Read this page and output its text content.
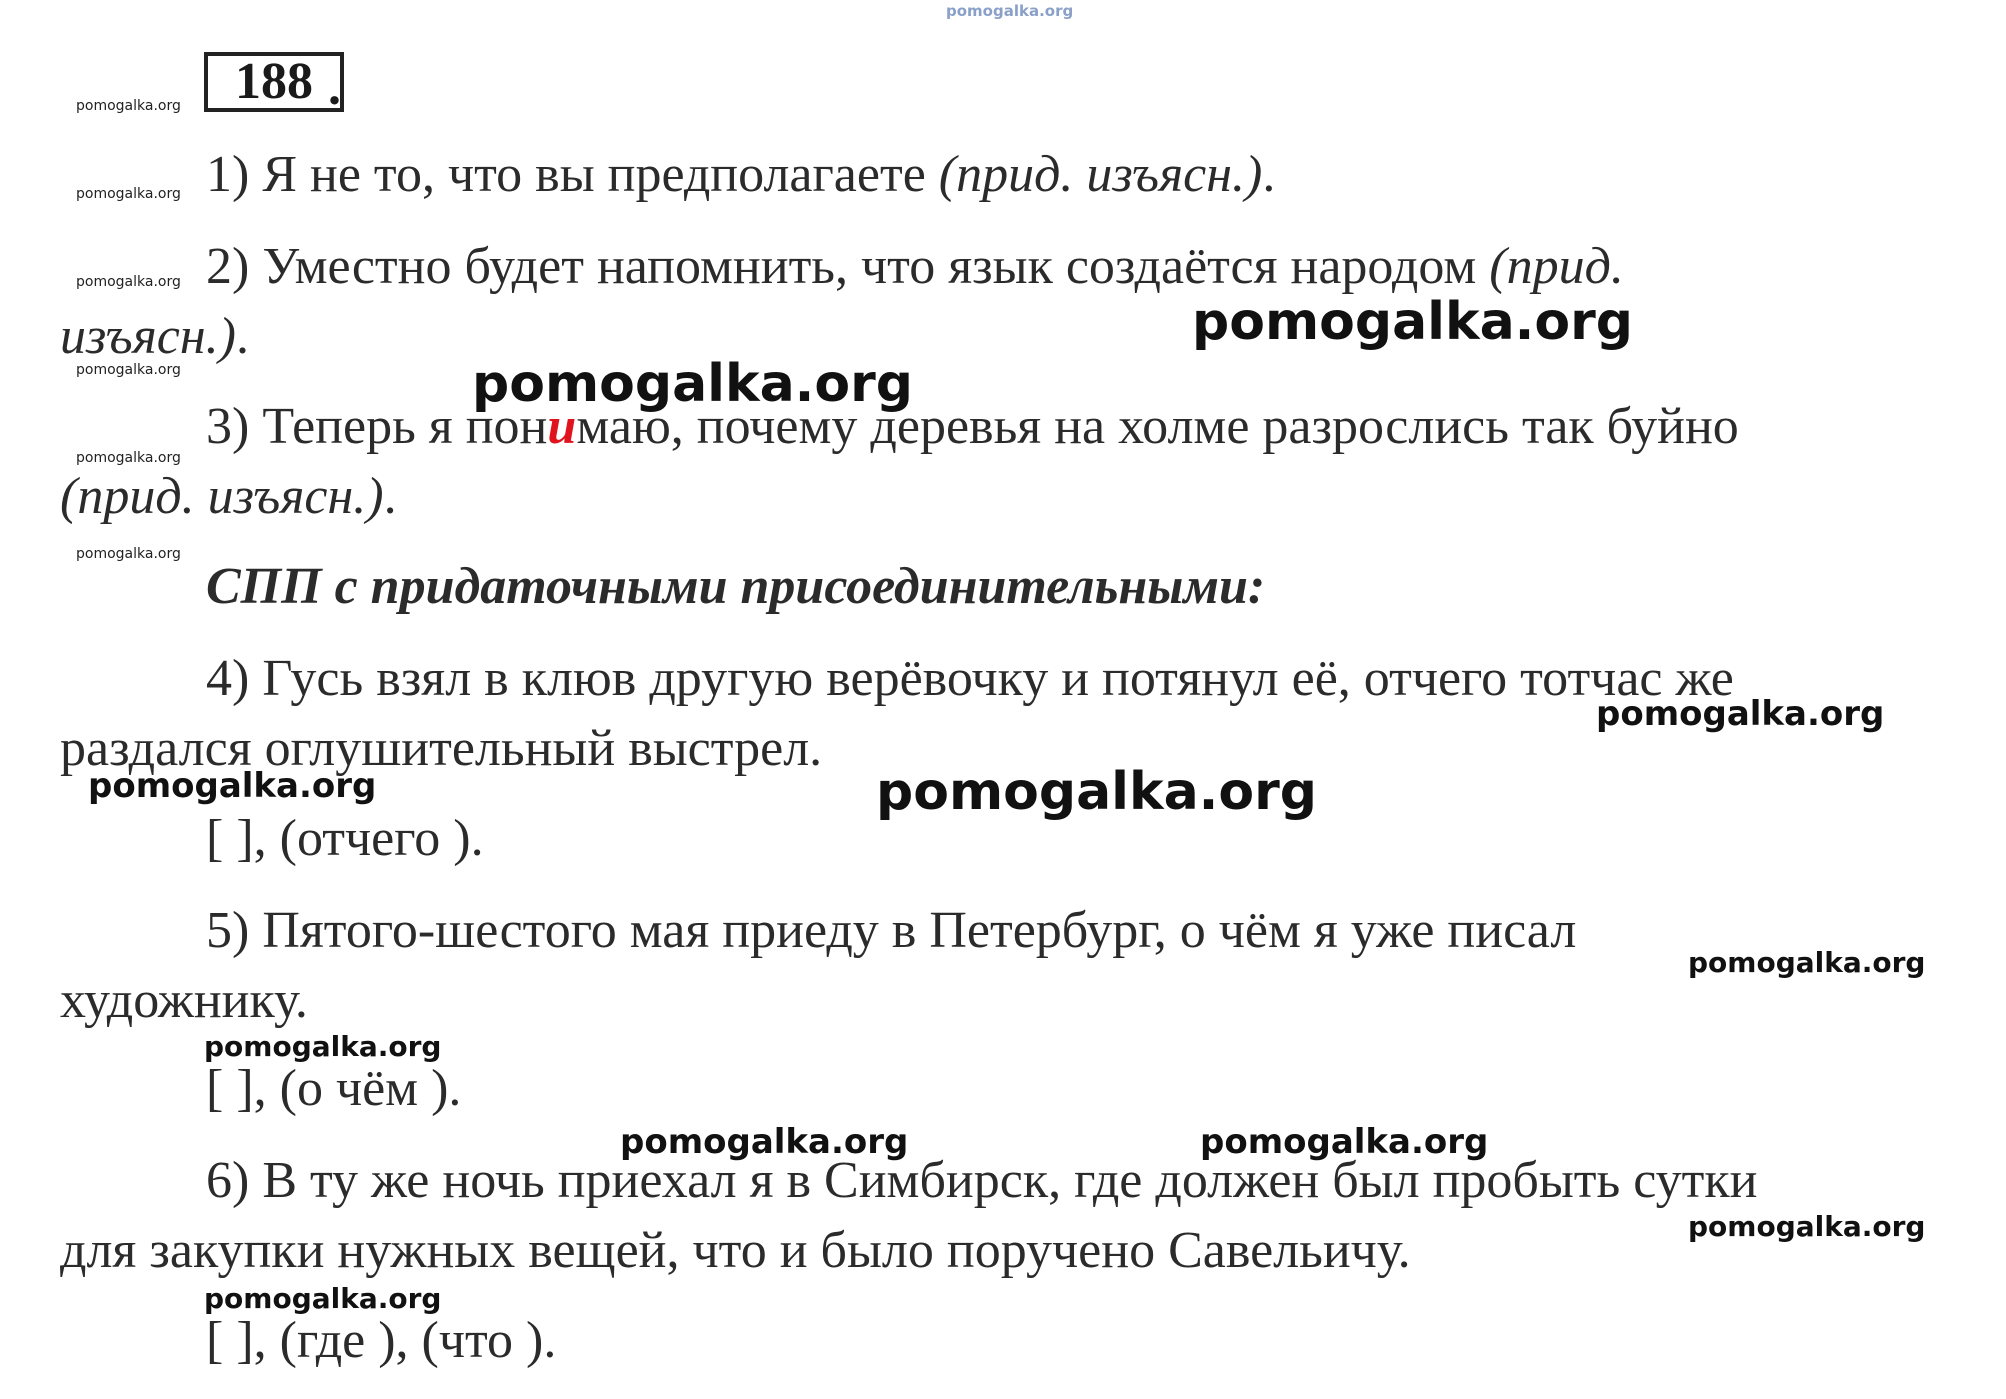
pomogalka.org
188 .
pomogalka.org
pomogalka.org
pomogalka.org
pomogalka.org
pomogalka.org
pomogalka.org
1) Я не то, что вы предполагаете (прид. изъясн.).
2) Уместно будет напомнить, что язык создаётся народом (прид.
изъясн.).
3) Теперь я понимаю, почему деревья на холме разрослись так буйно
(прид. изъясн.).
СПП с придаточными присоединительными:
4) Гусь взял в клюв другую верёвочку и потянул её, отчего тотчас же
раздался оглушительный выстрел.
[ ], (отчего ).
5) Пятого-шестого мая приеду в Петербург, о чём я уже писал
художнику.
[ ], (о чём ).
6) В ту же ночь приехал я в Симбирск, где должен был пробыть сутки
для закупки нужных вещей, что и было поручено Савельичу.
[ ], (где ), (что ).
pomogalka.org
pomogalka.org
pomogalka.org
pomogalka.org	pomogalka.org
pomogalka.org
pomogalka.org
pomogalka.org	pomogalka.org
pomogalka.org
pomogalka.org
